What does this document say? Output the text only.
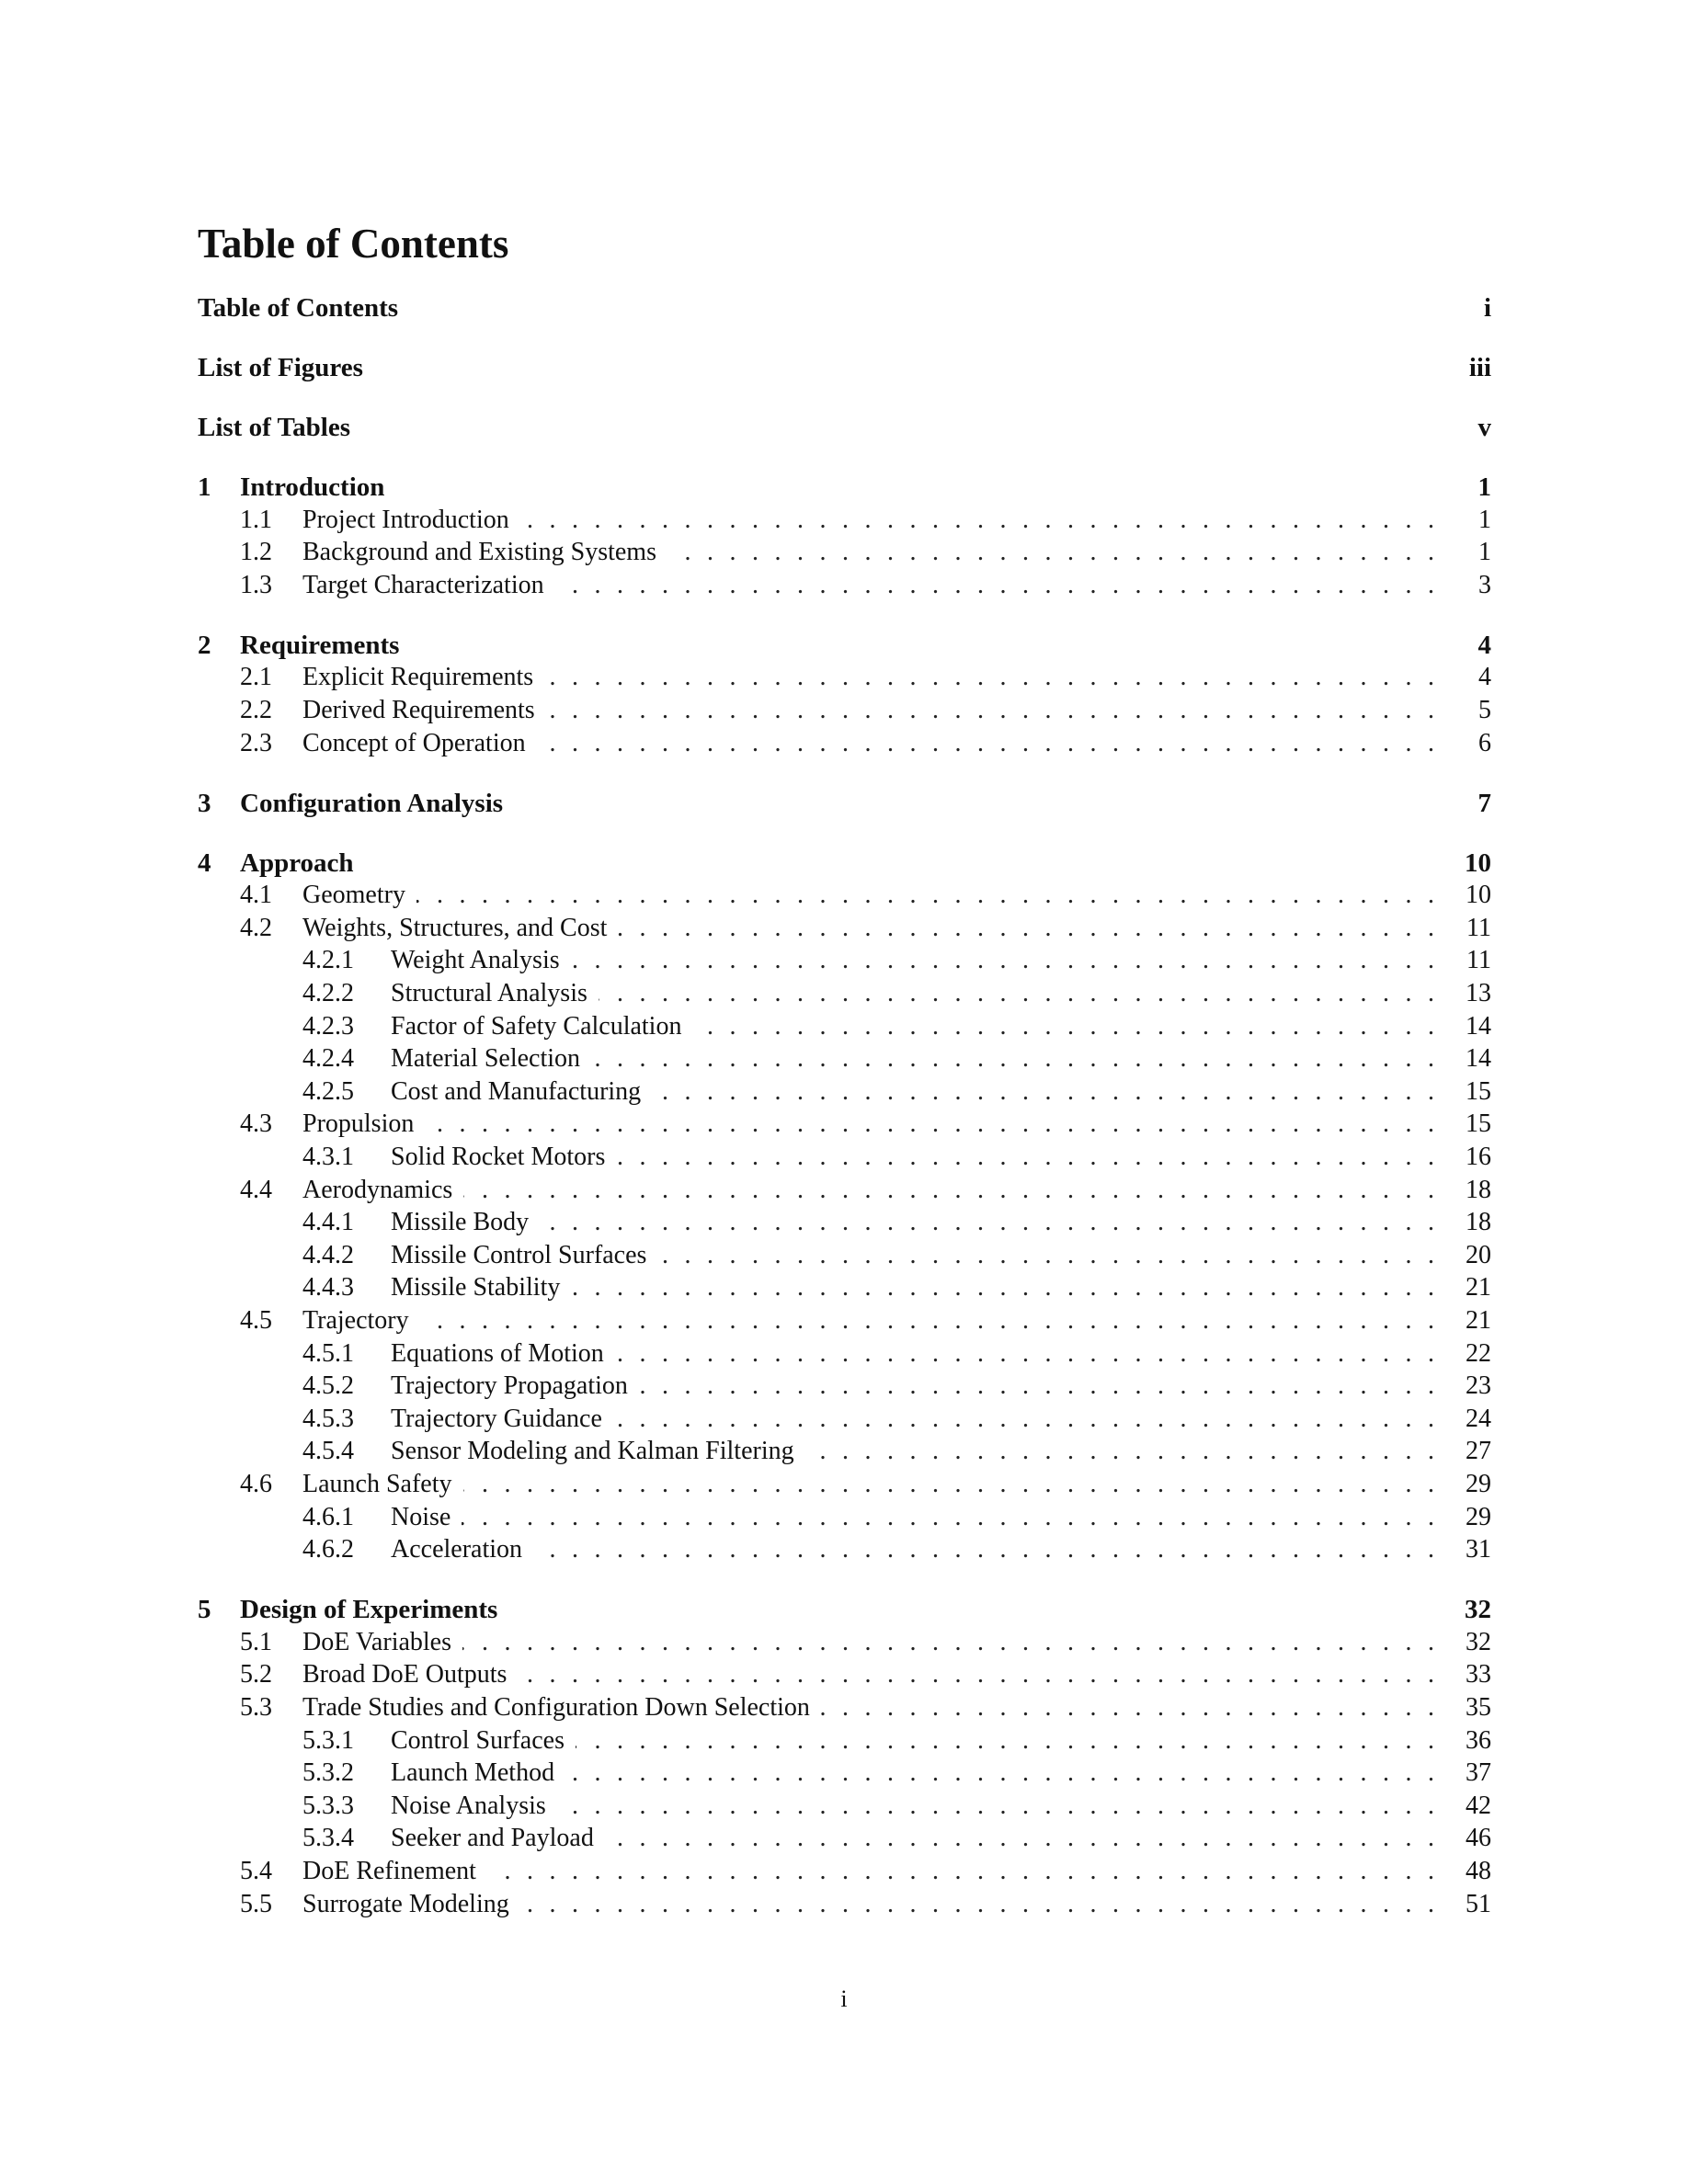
Table of Contents
Table of Contents	i
List of Figures	iii
List of Tables	v
1 Introduction	1
1.1 Project Introduction	1
. . .
1.2 Background and Existing Systems	1
. . .
1.3 Target Characterization	3
. . .
2 Requirements	4
2.1 Explicit Requirements	4
. . .
2.2 Derived Requirements	5
. . .
2.3 Concept of Operation	6
. . .
3 Configuration Analysis	7
4 Approach	10
4.1 Geometry	10
. . .
4.2 Weights, Structures, and Cost	11
. . .
4.2.1 Weight Analysis	11
. . .
4.2.2 Structural Analysis	13
. . .
4.2.3 Factor of Safety Calculation	14
. . .
4.2.4 Material Selection	14
. . .
4.2.5 Cost and Manufacturing	15
. . .
4.3 Propulsion	15
. . .
4.3.1 Solid Rocket Motors	16
. . .
4.4 Aerodynamics	18
. . .
4.4.1 Missile Body	18
. . .
4.4.2 Missile Control Surfaces	20
. . .
4.4.3 Missile Stability	21
. . .
4.5 Trajectory	21
. . .
4.5.1 Equations of Motion	22
. . .
4.5.2 Trajectory Propagation	23
. . .
4.5.3 Trajectory Guidance	24
. . .
4.5.4 Sensor Modeling and Kalman Filtering	27
. . .
4.6 Launch Safety	29
. . .
4.6.1 Noise	29
. . .
4.6.2 Acceleration	31
. . .
5 Design of Experiments	32
5.1 DoE Variables	32
. . .
5.2 Broad DoE Outputs	33
. . .
5.3 Trade Studies and Configuration Down Selection	35
. . .
5.3.1 Control Surfaces	36
. . .
5.3.2 Launch Method	37
. . .
5.3.3 Noise Analysis	42
. . .
5.3.4 Seeker and Payload	46
. . .
5.4 DoE Refinement	48
. . .
5.5 Surrogate Modeling	51
. . .
i
